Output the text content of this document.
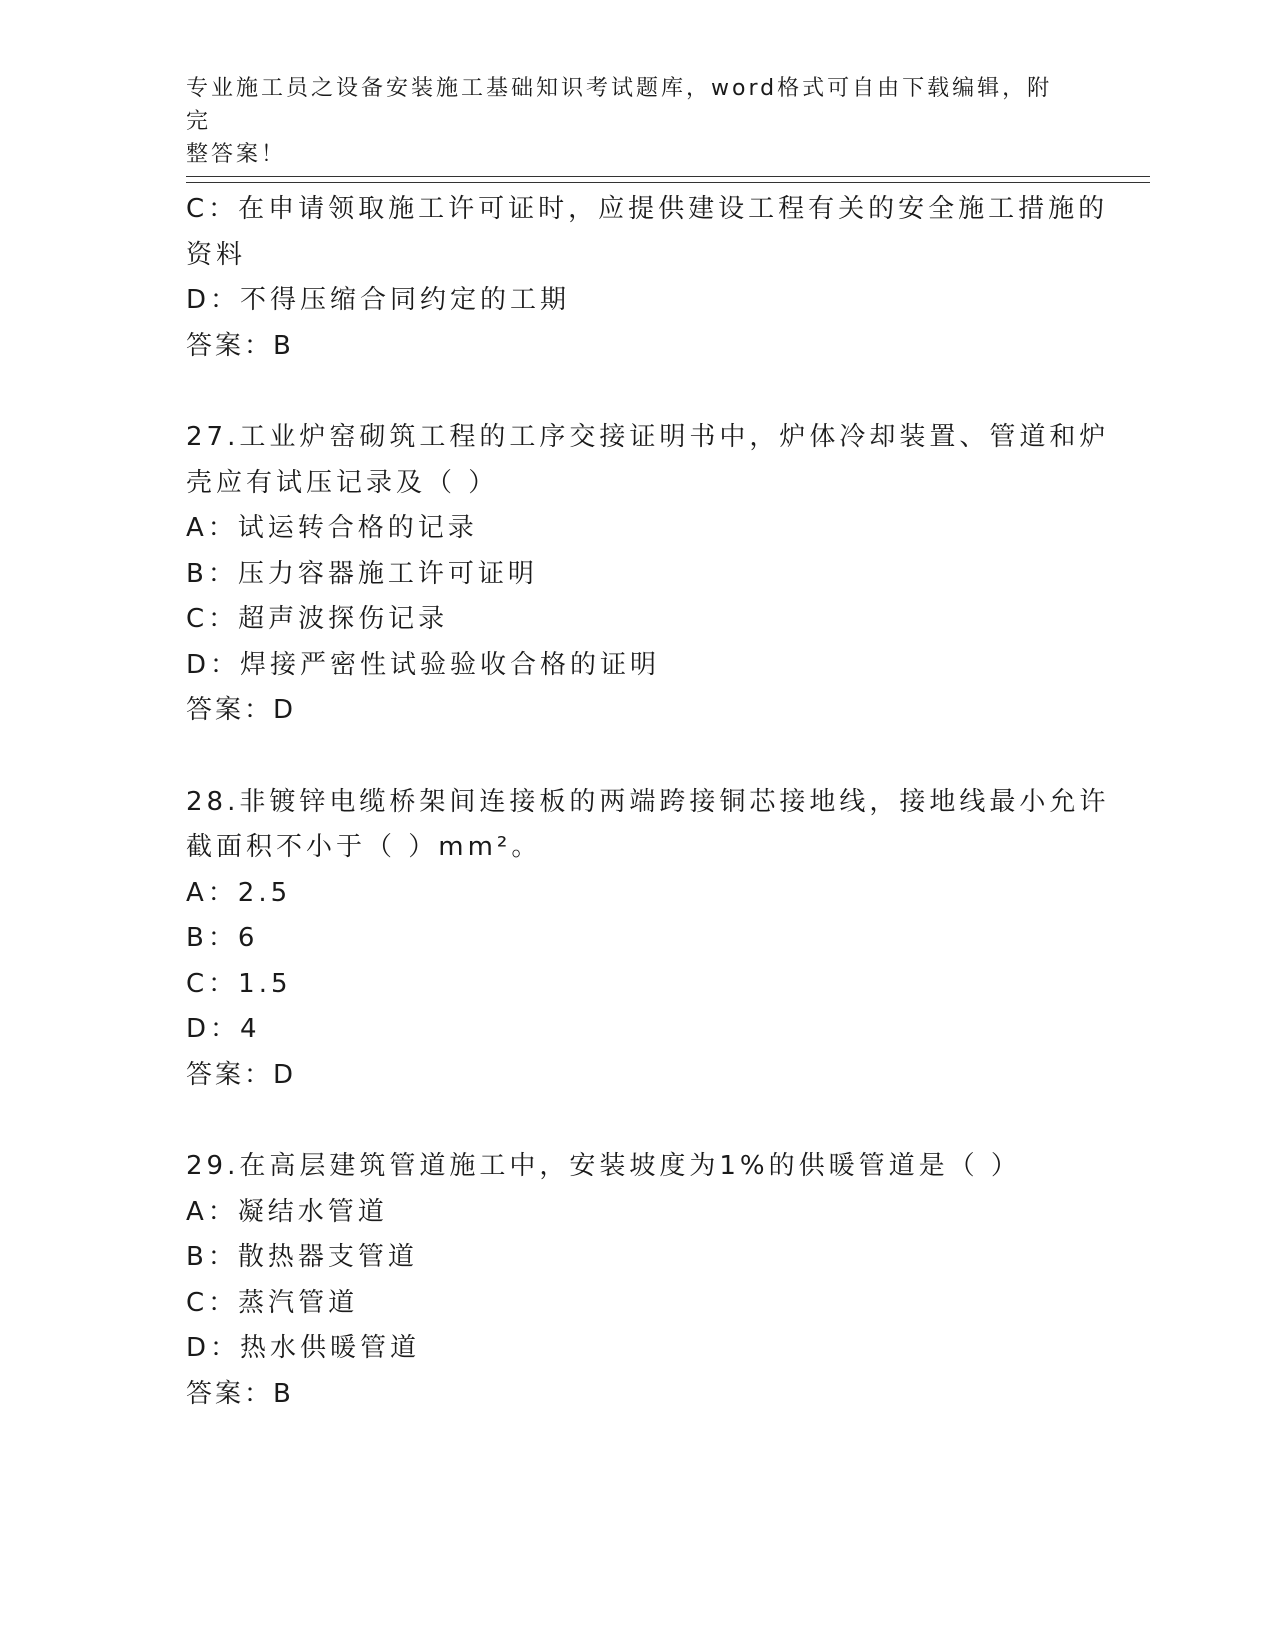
专业施工员之设备安装施工基础知识考试题库，word格式可自由下载编辑，附完
整答案！
C：在申请领取施工许可证时，应提供建设工程有关的安全施工措施的
资料
D：不得压缩合同约定的工期
答案：B
27.工业炉窑砌筑工程的工序交接证明书中，炉体冷却装置、管道和炉
壳应有试压记录及（ ）
A：试运转合格的记录
B：压力容器施工许可证明
C：超声波探伤记录
D：焊接严密性试验验收合格的证明
答案：D
28.非镀锌电缆桥架间连接板的两端跨接铜芯接地线，接地线最小允许
截面积不小于（ ）mm²。
A：2.5
B：6
C：1.5
D：4
答案：D
29.在高层建筑管道施工中，安装坡度为1%的供暖管道是（ ）
A：凝结水管道
B：散热器支管道
C：蒸汽管道
D：热水供暖管道
答案：B
